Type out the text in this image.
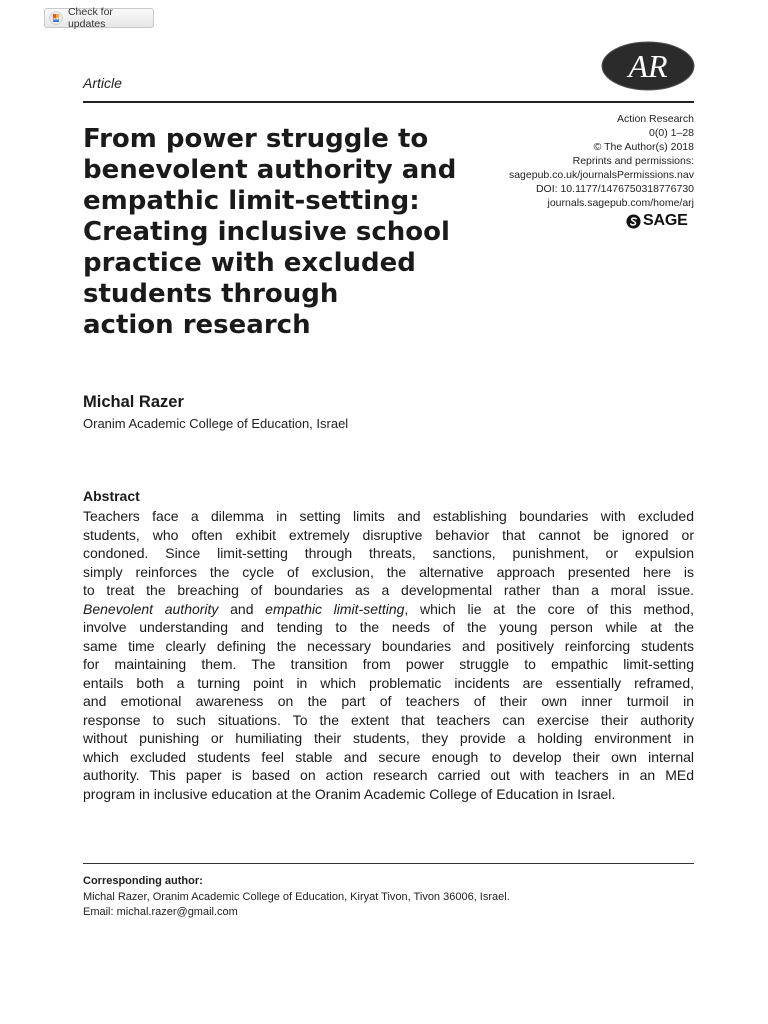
Check for updates
Article	AR
From power struggle to
benevolent authority and
empathic limit-setting:
Creating inclusive school
practice with excluded
students through
action research
Action Research
0(0) 1–28
© The Author(s) 2018
Reprints and permissions:
sagepub.co.uk/journalsPermissions.nav
DOI: 10.1177/1476750318776730
journals.sagepub.com/home/arj
SAGE
Michal Razer
Oranim Academic College of Education, Israel
Abstract
Teachers face a dilemma in setting limits and establishing boundaries with excluded
students, who often exhibit extremely disruptive behavior that cannot be ignored or
condoned. Since limit-setting through threats, sanctions, punishment, or expulsion
simply reinforces the cycle of exclusion, the alternative approach presented here is
to treat the breaching of boundaries as a developmental rather than a moral issue.
Benevolent authority and empathic limit-setting, which lie at the core of this method,
involve understanding and tending to the needs of the young person while at the
same time clearly defining the necessary boundaries and positively reinforcing students
for maintaining them. The transition from power struggle to empathic limit-setting
entails both a turning point in which problematic incidents are essentially reframed,
and emotional awareness on the part of teachers of their own inner turmoil in
response to such situations. To the extent that teachers can exercise their authority
without punishing or humiliating their students, they provide a holding environment in
which excluded students feel stable and secure enough to develop their own internal
authority. This paper is based on action research carried out with teachers in an MEd
program in inclusive education at the Oranim Academic College of Education in Israel.
Corresponding author:
Michal Razer, Oranim Academic College of Education, Kiryat Tivon, Tivon 36006, Israel.
Email: michal.razer@gmail.com
